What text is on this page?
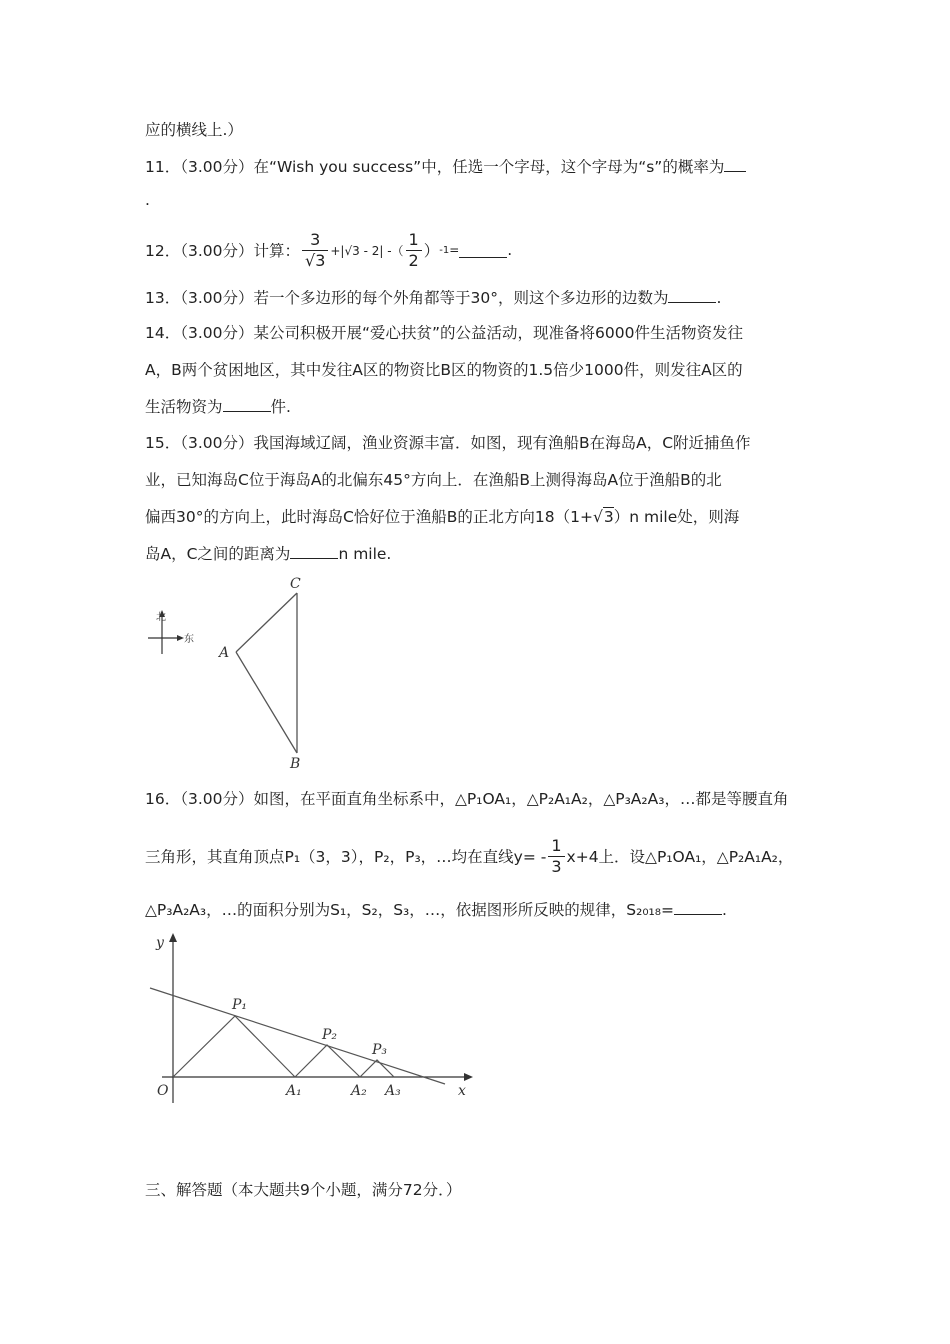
应的横线上.）
11．（3.00分）在“Wish you success”中，任选一个字母，这个字母为“s”的概率为
.
12．（3.00分）计算： $\frac{3}{√3} +|√3 - 2|$ -（ $\frac{1}{2}$ ） -1 =	.
13．（3.00分）若一个多边形的每个外角都等于30°，则这个多边形的边数为	.
14．（3.00分）某公司积极开展“爱心扶贫”的公益活动，现准备将6000件生活物资发往
A，B两个贫困地区，其中发往A区的物资比B区的物资的1.5倍少1000件，则发往A区的
生活物资为	件.
15．（3.00分）我国海域辽阔，渔业资源丰富．如图，现有渔船B在海岛A，C附近捕鱼作
业，已知海岛C位于海岛A的北偏东45°方向上．在渔船B上测得海岛A位于渔船B的北
偏西30°的方向上，此时海岛C恰好位于渔船B的正北方向18（1+√3）n mile处，则海
岛A，C之间的距离为	n mile.
北
东
C
A
B
16．（3.00分）如图，在平面直角坐标系中，△P₁OA₁，△P₂A₁A₂，△P₃A₂A₃，…都是等腰直角
三角形，其直角顶点P₁（3，3），P₂，P₃，…均在直线$y= - \frac{1}{3} x+4$上．设△P₁OA₁，△P₂A₁A₂，
△P₃A₂A₃，…的面积分别为S₁，S₂，S₃，…，依据图形所反映的规律，S₂₀₁₈=	.
y
x
O
P₁
P₂
P₃
A₁	A₂ A₃
三、解答题（本大题共9个小题，满分72分．）
